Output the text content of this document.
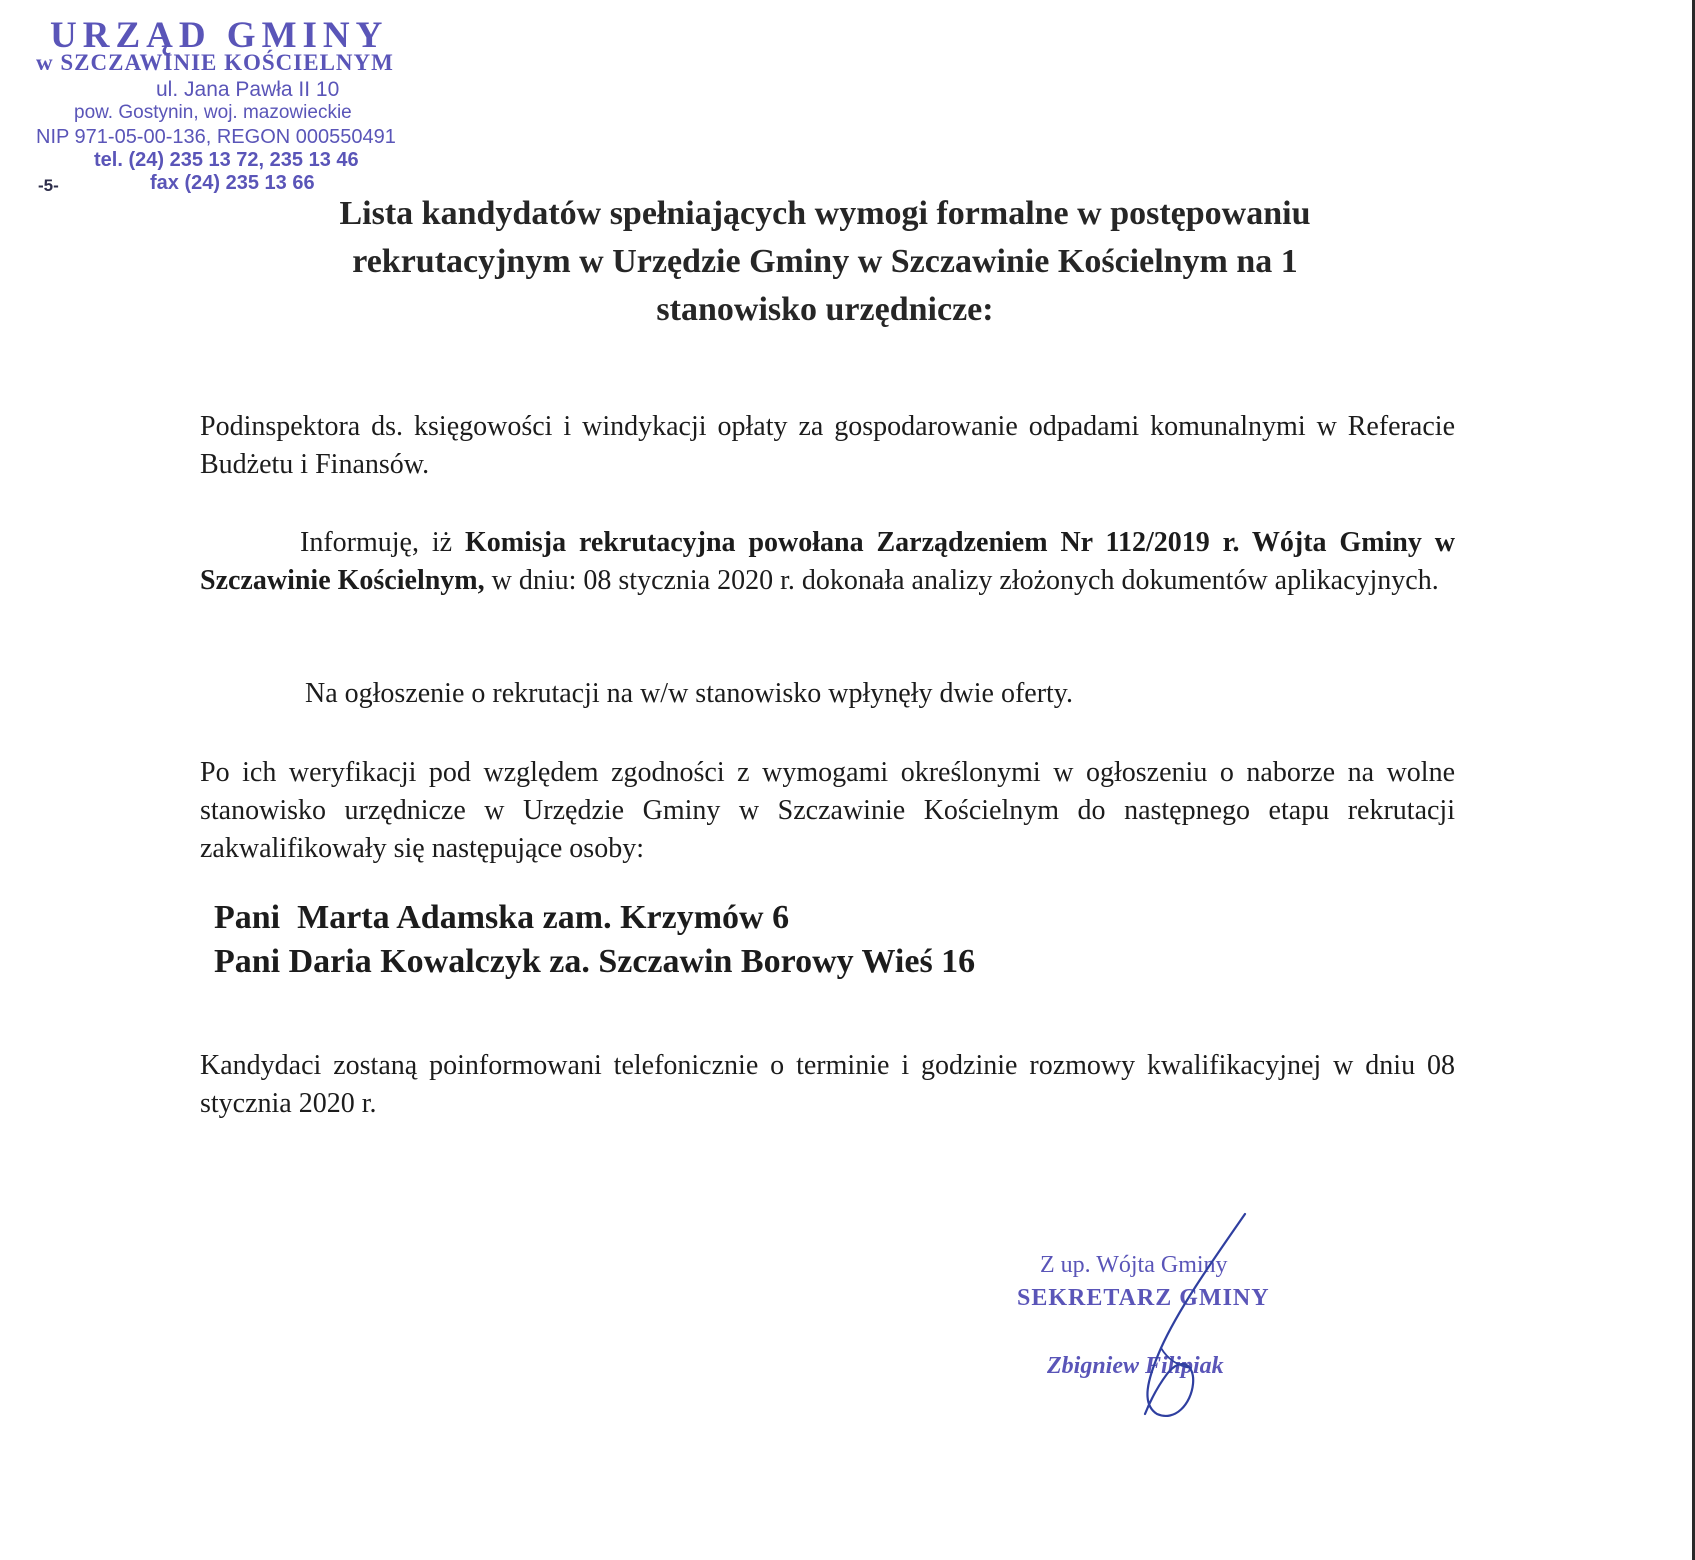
URZĄD GMINY
w SZCZAWINIE KOŚCIELNYM
ul. Jana Pawła II 10
pow. Gostynin, woj. mazowieckie
NIP 971-05-00-136, REGON 000550491
tel. (24) 235 13 72, 235 13 46
-5-	fax (24) 235 13 66
Lista kandydatów spełniających wymogi formalne w postępowaniu
rekrutacyjnym w Urzędzie Gminy w Szczawinie Kościelnym na 1
stanowisko urzędnicze:

Podinspektora ds. księgowości i windykacji opłaty za gospodarowanie odpadami komunalnymi w Referacie Budżetu i Finansów.

Informuję, iż Komisja rekrutacyjna powołana Zarządzeniem Nr 112/2019 r. Wójta Gminy w Szczawinie Kościelnym, w dniu: 08 stycznia 2020 r. dokonała analizy złożonych dokumentów aplikacyjnych.

Na ogłoszenie o rekrutacji na w/w stanowisko wpłynęły dwie oferty.

Po ich weryfikacji pod względem zgodności z wymogami określonymi w ogłoszeniu o naborze na wolne stanowisko urzędnicze w Urzędzie Gminy w Szczawinie Kościelnym do następnego etapu rekrutacji zakwalifikowały się następujące osoby:

Pani  Marta Adamska zam. Krzymów 6
Pani Daria Kowalczyk za. Szczawin Borowy Wieś 16

Kandydaci zostaną poinformowani telefonicznie o terminie i godzinie rozmowy kwalifikacyjnej w dniu 08 stycznia 2020 r.

Z up. Wójta Gminy
SEKRETARZ GMINY
Zbigniew Filipiak
